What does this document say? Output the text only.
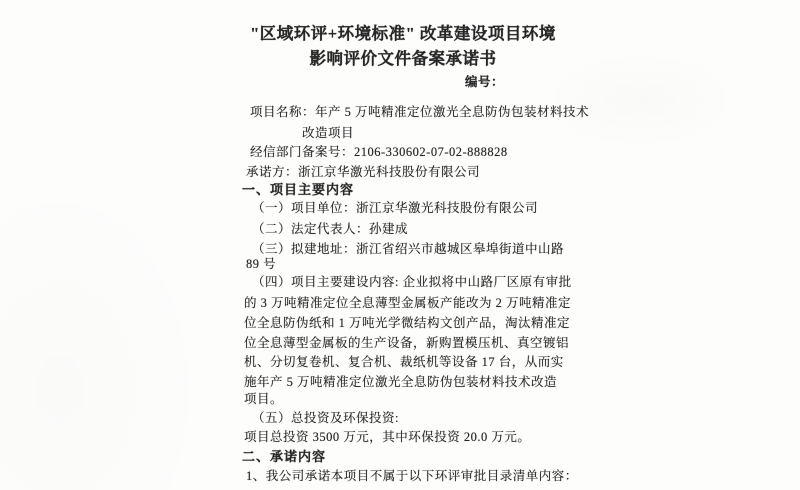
"区域环评+环境标准" 改革建设项目环境
影响评价文件备案承诺书
编号：
项目名称：年产 5 万吨精准定位激光全息防伪包装材料技术
改造项目
经信部门备案号：2106-330602-07-02-888828
承诺方：浙江京华激光科技股份有限公司
一、项目主要内容
（一）项目单位：浙江京华激光科技股份有限公司
（二）法定代表人：孙建成
（三）拟建地址：浙江省绍兴市越城区皋埠街道中山路
89 号
（四）项目主要建设内容: 企业拟将中山路厂区原有审批
的 3 万吨精准定位全息薄型金属板产能改为 2 万吨精准定
位全息防伪纸和 1 万吨光学微结构文创产品，淘汰精准定
位全息薄型金属板的生产设备，新购置模压机、真空镀铝
机、分切复卷机、复合机、裁纸机等设备 17 台，从而实
施年产 5 万吨精准定位激光全息防伪包装材料技术改造
项目。
（五）总投资及环保投资:
项目总投资 3500 万元，其中环保投资 20.0 万元。
二、承诺内容
1、我公司承诺本项目不属于以下环评审批目录清单内容：
